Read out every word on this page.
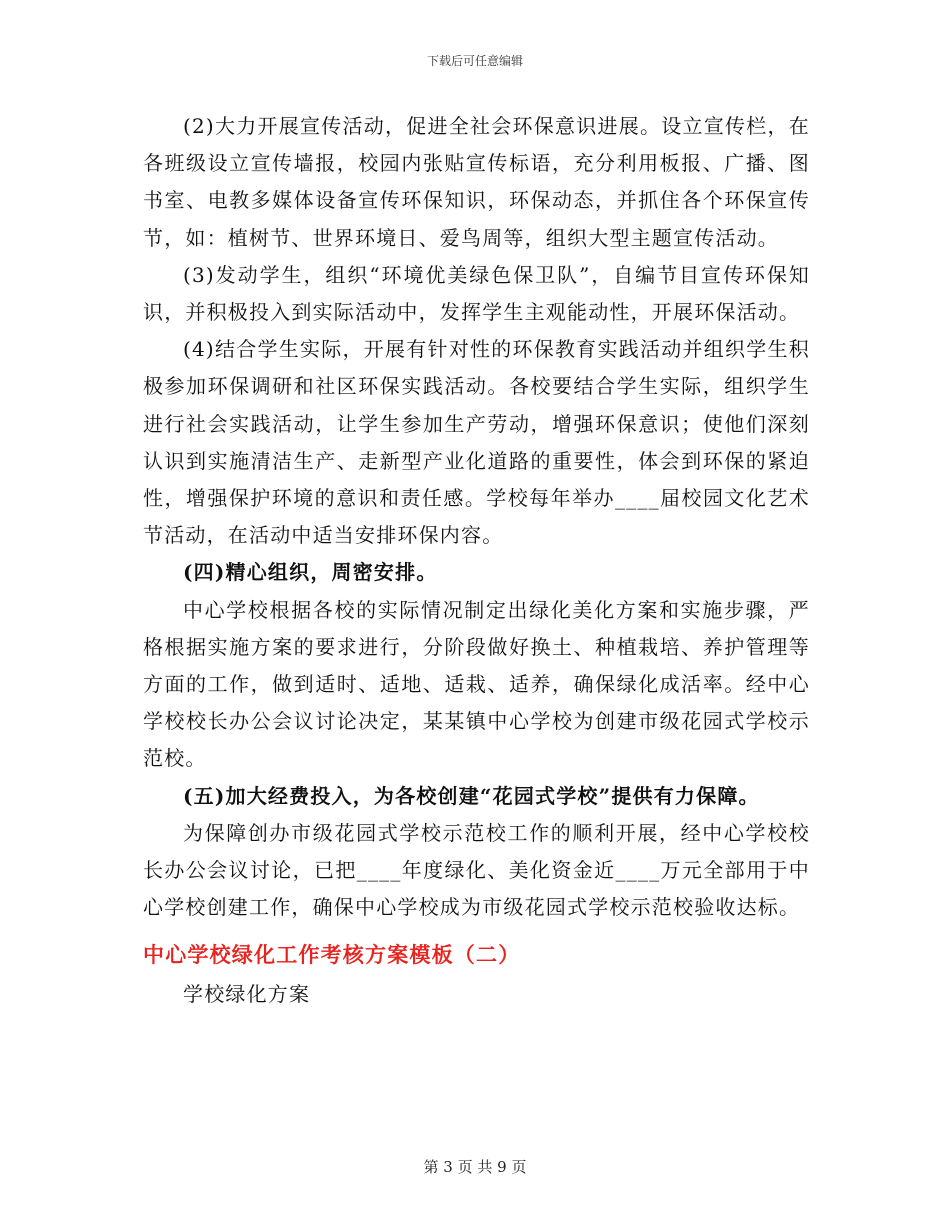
下载后可任意编辑

(2)大力开展宣传活动，促进全社会环保意识进展。设立宣传栏，在各班级设立宣传墙报，校园内张贴宣传标语，充分利用板报、广播、图书室、电教多媒体设备宣传环保知识，环保动态，并抓住各个环保宣传节，如：植树节、世界环境日、爱鸟周等，组织大型主题宣传活动。

(3)发动学生，组织“环境优美绿色保卫队”，自编节目宣传环保知识，并积极投入到实际活动中，发挥学生主观能动性，开展环保活动。

(4)结合学生实际，开展有针对性的环保教育实践活动并组织学生积极参加环保调研和社区环保实践活动。各校要结合学生实际，组织学生进行社会实践活动，让学生参加生产劳动，增强环保意识；使他们深刻认识到实施清洁生产、走新型产业化道路的重要性，体会到环保的紧迫性，增强保护环境的意识和责任感。学校每年举办____届校园文化艺术节活动，在活动中适当安排环保内容。

(四)精心组织，周密安排。

中心学校根据各校的实际情况制定出绿化美化方案和实施步骤，严格根据实施方案的要求进行，分阶段做好换土、种植栽培、养护管理等方面的工作，做到适时、适地、适栽、适养，确保绿化成活率。经中心学校校长办公会议讨论决定，某某镇中心学校为创建市级花园式学校示范校。

(五)加大经费投入，为各校创建“花园式学校”提供有力保障。

为保障创办市级花园式学校示范校工作的顺利开展，经中心学校校长办公会议讨论，已把____年度绿化、美化资金近____万元全部用于中心学校创建工作，确保中心学校成为市级花园式学校示范校验收达标。

中心学校绿化工作考核方案模板（二）

学校绿化方案

第 3 页 共 9 页
